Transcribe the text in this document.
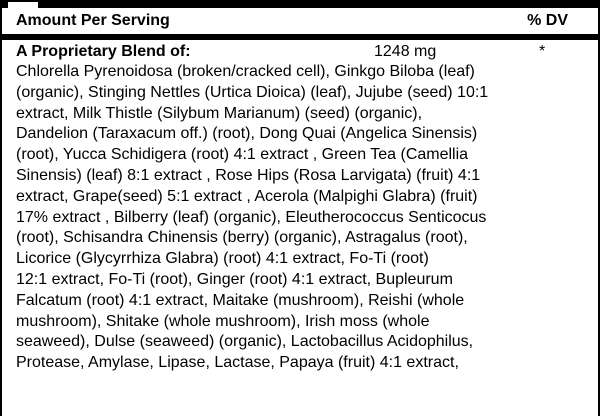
Amount Per Serving	% DV
A Proprietary Blend of:	1248 mg	*
Chlorella Pyrenoidosa (broken/cracked cell), Ginkgo Biloba (leaf)
(organic), Stinging Nettles (Urtica Dioica) (leaf), Jujube (seed) 10:1
extract, Milk Thistle (Silybum Marianum) (seed) (organic),
Dandelion (Taraxacum off.) (root), Dong Quai (Angelica Sinensis)
(root), Yucca Schidigera (root) 4:1 extract , Green Tea (Camellia
Sinensis) (leaf) 8:1 extract , Rose Hips (Rosa Larvigata) (fruit) 4:1
extract, Grape(seed) 5:1 extract , Acerola (Malpighi Glabra) (fruit)
17% extract , Bilberry (leaf) (organic), Eleutherococcus Senticocus
(root), Schisandra Chinensis (berry) (organic), Astragalus (root),
Licorice (Glycyrrhiza Glabra) (root) 4:1 extract, Fo-Ti (root)
12:1 extract, Fo-Ti (root), Ginger (root) 4:1 extract, Bupleurum
Falcatum (root) 4:1 extract, Maitake (mushroom), Reishi (whole
mushroom), Shitake (whole mushroom), Irish moss (whole
seaweed), Dulse (seaweed) (organic), Lactobacillus Acidophilus,
Protease, Amylase, Lipase, Lactase, Papaya (fruit) 4:1 extract,
